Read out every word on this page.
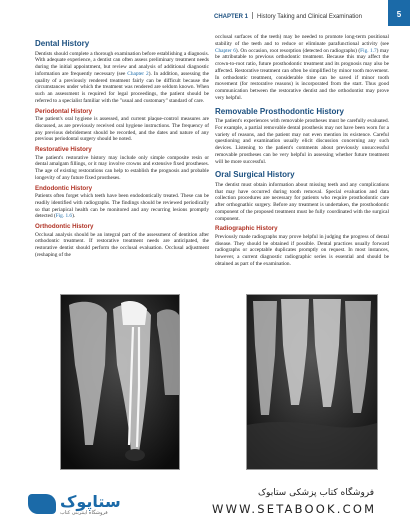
CHAPTER 1 History Taking and Clinical Examination	5
Dental History

Dentists should complete a thorough examination before establishing a diagnosis. With adequate experience, a dentist can often assess preliminary treatment needs during the initial appointment, but review and analysis of additional diagnostic information are frequently necessary (see Chapter 2). In addition, assessing the quality of a previously rendered treatment fairly can be difficult because the circumstances under which the treatment was rendered are seldom known. When such an assessment is required for legal proceedings, the patient should be referred to a specialist familiar with the "usual and customary" standard of care.

Periodontal History

The patient's oral hygiene is assessed, and current plaque-control measures are discussed, as are previously received oral hygiene instructions. The frequency of any previous debridement should be recorded, and the dates and nature of any previous periodontal surgery should be noted.

Restorative History

The patient's restorative history may include only simple composite resin or dental amalgam fillings, or it may involve crowns and extensive fixed prostheses. The age of existing restorations can help to establish the prognosis and probable longevity of any future fixed prostheses.

Endodontic History

Patients often forget which teeth have been endodontically treated. These can be readily identified with radiographs. The findings should be reviewed periodically so that periapical health can be monitored and any recurring lesions promptly detected (Fig. 1.6).

Orthodontic History

Occlusal analysis should be an integral part of the assessment of dentition after orthodontic treatment. If restorative treatment needs are anticipated, the restorative dentist should perform the occlusal evaluation. Occlusal adjustment (reshaping of the

occlusal surfaces of the teeth) may be needed to promote long-term positional stability of the teeth and to reduce or eliminate parafunctional activity (see Chapter 6). On occasion, root resorption (detected on radiographs) (Fig. 1.7) may be attributable to previous orthodontic treatment. Because this may affect the crown-to-root ratio, future prosthodontic treatment and its prognosis may also be affected. Restorative treatment can often be simplified by minor tooth movement. In orthodontic treatment, considerable time can be saved if minor tooth movement (for restorative reasons) is incorporated from the start. Thus good communication between the restorative dentist and the orthodontist may prove very helpful.

Removable Prosthodontic History

The patient's experiences with removable prostheses must be carefully evaluated. For example, a partial removable dental prosthesis may not have been worn for a variety of reasons, and the patient may not even mention its existence. Careful questioning and examination usually elicit discussion concerning any such devices. Listening to the patient's comments about previously unsuccessful removable prostheses can be very helpful in assessing whether future treatment will be more successful.

Oral Surgical History

The dentist must obtain information about missing teeth and any complications that may have occurred during tooth removal. Special evaluation and data collection procedures are necessary for patients who require prosthodontic care after orthognathic surgery. Before any treatment is undertaken, the prosthodontic component of the proposed treatment must be fully coordinated with the surgical component.

Radiographic History

Previously made radiographs may prove helpful in judging the progress of dental disease. They should be obtained if possible. Dental practices usually forward radiographs or acceptable duplicates promptly on request. In most instances, however, a current diagnostic radiographic series is essential and should be obtained as part of the examination.

ستاپوک
فروشگاه اینترنتی کتاب
فروشگاه کتاب پزشکی ستابوک
WWW.SETABOOK.COM
